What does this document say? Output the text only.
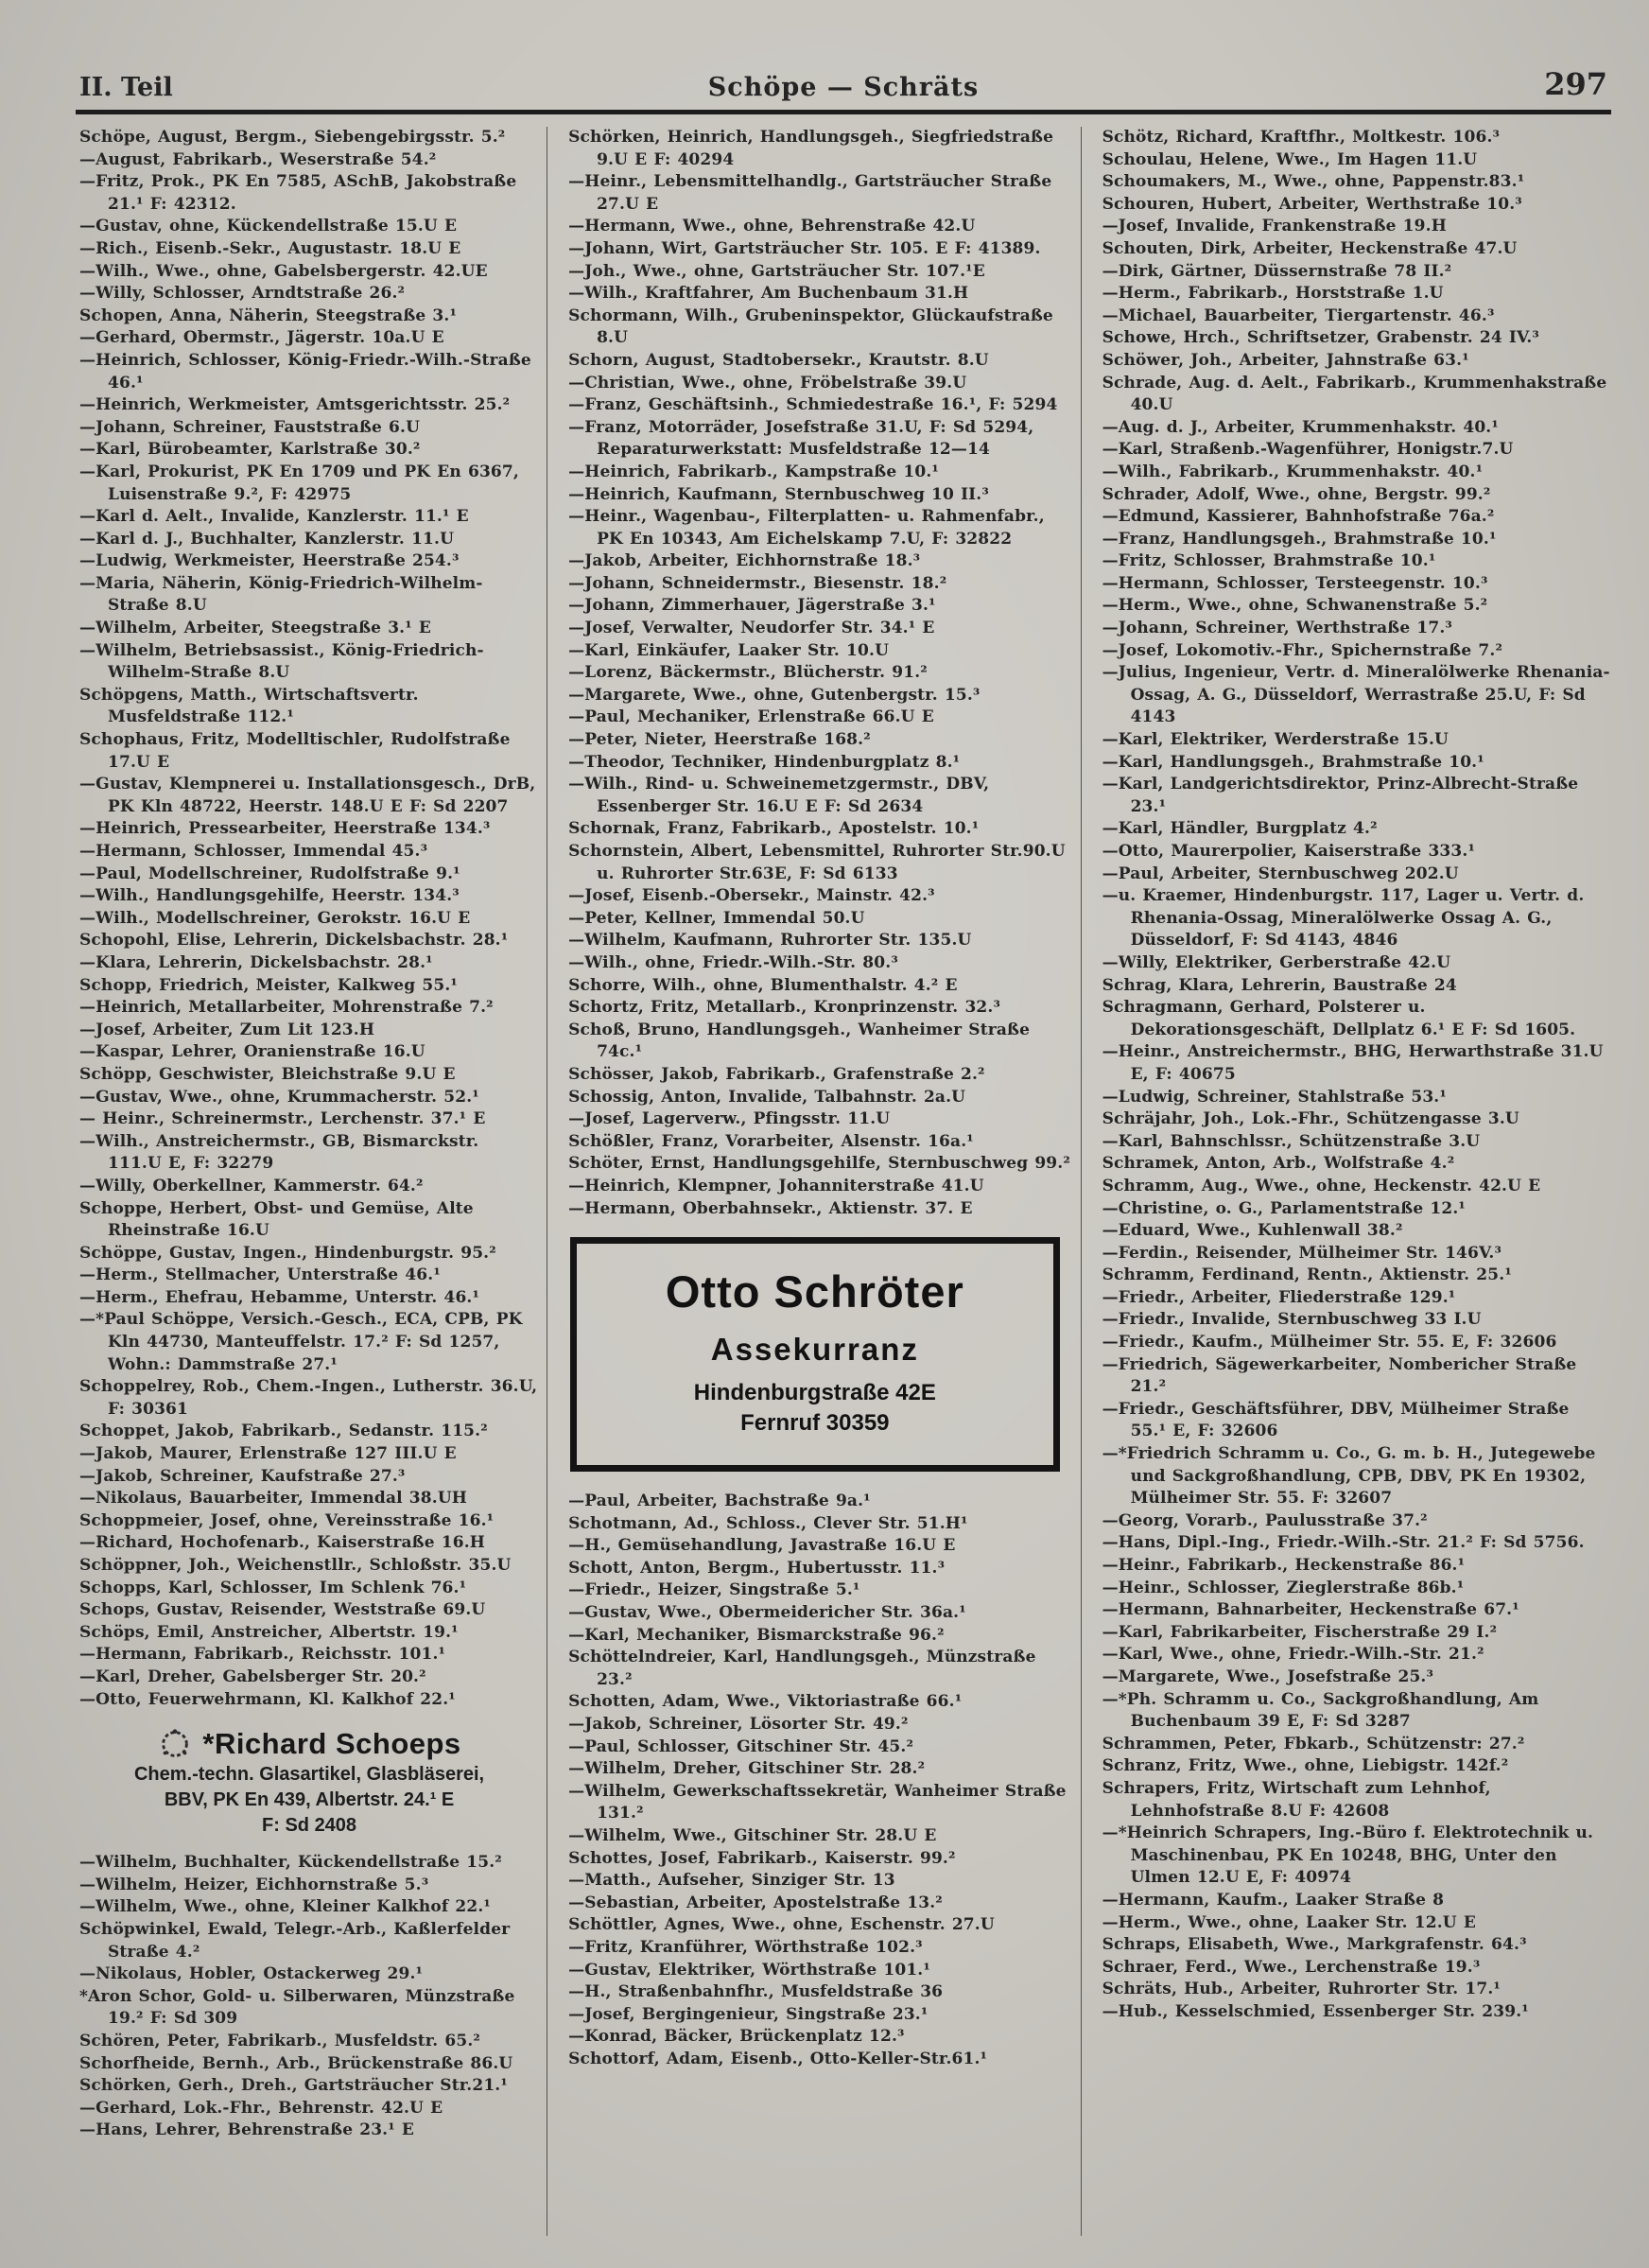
II. Teil	Schöpe — Schräts	297

Schöpe, August, Bergm., Siebengebirgsstr. 5.²

—August, Fabrikarb., Weserstraße 54.²

—Fritz, Prok., PK En 7585, ASchB, Jakobstraße 21.¹ F: 42312.

—Gustav, ohne, Kückendellstraße 15.U E

—Rich., Eisenb.-Sekr., Augustastr. 18.U E

—Wilh., Wwe., ohne, Gabelsbergerstr. 42.UE

—Willy, Schlosser, Arndtstraße 26.²

Schopen, Anna, Näherin, Steegstraße 3.¹

—Gerhard, Obermstr., Jägerstr. 10a.U E

—Heinrich, Schlosser, König-Friedr.-Wilh.-Straße 46.¹

—Heinrich, Werkmeister, Amtsgerichtsstr. 25.²

—Johann, Schreiner, Fauststraße 6.U

—Karl, Bürobeamter, Karlstraße 30.²

—Karl, Prokurist, PK En 1709 und PK En 6367, Luisenstraße 9.², F: 42975

—Karl d. Aelt., Invalide, Kanzlerstr. 11.¹ E

—Karl d. J., Buchhalter, Kanzlerstr. 11.U

—Ludwig, Werkmeister, Heerstraße 254.³

—Maria, Näherin, König-Friedrich-Wilhelm-Straße 8.U

—Wilhelm, Arbeiter, Steegstraße 3.¹ E

—Wilhelm, Betriebsassist., König-Friedrich-Wilhelm-Straße 8.U

Schöpgens, Matth., Wirtschaftsvertr. Musfeldstraße 112.¹

Schophaus, Fritz, Modelltischler, Rudolfstraße 17.U E

—Gustav, Klempnerei u. Installationsgesch., DrB, PK Kln 48722, Heerstr. 148.U E F: Sd 2207

—Heinrich, Pressearbeiter, Heerstraße 134.³

—Hermann, Schlosser, Immendal 45.³

—Paul, Modellschreiner, Rudolfstraße 9.¹

—Wilh., Handlungsgehilfe, Heerstr. 134.³

—Wilh., Modellschreiner, Gerokstr. 16.U E

Schopohl, Elise, Lehrerin, Dickelsbachstr. 28.¹

—Klara, Lehrerin, Dickelsbachstr. 28.¹

Schopp, Friedrich, Meister, Kalkweg 55.¹

—Heinrich, Metallarbeiter, Mohrenstraße 7.²

—Josef, Arbeiter, Zum Lit 123.H

—Kaspar, Lehrer, Oranienstraße 16.U

Schöpp, Geschwister, Bleichstraße 9.U E

—Gustav, Wwe., ohne, Krummacherstr. 52.¹

— Heinr., Schreinermstr., Lerchenstr. 37.¹ E

—Wilh., Anstreichermstr., GB, Bismarckstr. 111.U E, F: 32279

—Willy, Oberkellner, Kammerstr. 64.²

Schoppe, Herbert, Obst- und Gemüse, Alte Rheinstraße 16.U

Schöppe, Gustav, Ingen., Hindenburgstr. 95.²

—Herm., Stellmacher, Unterstraße 46.¹

—Herm., Ehefrau, Hebamme, Unterstr. 46.¹

—*Paul Schöppe, Versich.-Gesch., ECA, CPB, PK Kln 44730, Manteuffelstr. 17.² F: Sd 1257, Wohn.: Dammstraße 27.¹

Schoppelrey, Rob., Chem.-Ingen., Lutherstr. 36.U, F: 30361

Schoppet, Jakob, Fabrikarb., Sedanstr. 115.²

—Jakob, Maurer, Erlenstraße 127 III.U E

—Jakob, Schreiner, Kaufstraße 27.³

—Nikolaus, Bauarbeiter, Immendal 38.UH

Schoppmeier, Josef, ohne, Vereinsstraße 16.¹

—Richard, Hochofenarb., Kaiserstraße 16.H

Schöppner, Joh., Weichenstllr., Schloßstr. 35.U

Schopps, Karl, Schlosser, Im Schlenk 76.¹

Schops, Gustav, Reisender, Weststraße 69.U

Schöps, Emil, Anstreicher, Albertstr. 19.¹

—Hermann, Fabrikarb., Reichsstr. 101.¹

—Karl, Dreher, Gabelsberger Str. 20.²

—Otto, Feuerwehrmann, Kl. Kalkhof 22.¹

*Richard Schoeps
Chem.-techn. Glasartikel, Glasbläserei,
BBV, PK En 439, Albertstr. 24.¹ E
F: Sd 2408

—Wilhelm, Buchhalter, Kückendellstraße 15.²

—Wilhelm, Heizer, Eichhornstraße 5.³

—Wilhelm, Wwe., ohne, Kleiner Kalkhof 22.¹

Schöpwinkel, Ewald, Telegr.-Arb., Kaßlerfelder Straße 4.²

—Nikolaus, Hobler, Ostackerweg 29.¹

*Aron Schor, Gold- u. Silberwaren, Münzstraße 19.² F: Sd 309

Schören, Peter, Fabrikarb., Musfeldstr. 65.²

Schorfheide, Bernh., Arb., Brückenstraße 86.U

Schörken, Gerh., Dreh., Gartsträucher Str.21.¹

—Gerhard, Lok.-Fhr., Behrenstr. 42.U E

—Hans, Lehrer, Behrenstraße 23.¹ E

Schörken, Heinrich, Handlungsgeh., Siegfriedstraße 9.U E F: 40294

—Heinr., Lebensmittelhandlg., Gartsträucher Straße 27.U E

—Hermann, Wwe., ohne, Behrenstraße 42.U

—Johann, Wirt, Gartsträucher Str. 105. E F: 41389.

—Joh., Wwe., ohne, Gartsträucher Str. 107.¹E

—Wilh., Kraftfahrer, Am Buchenbaum 31.H

Schormann, Wilh., Grubeninspektor, Glückaufstraße 8.U

Schorn, August, Stadtobersekr., Krautstr. 8.U

—Christian, Wwe., ohne, Fröbelstraße 39.U

—Franz, Geschäftsinh., Schmiedestraße 16.¹, F: 5294

—Franz, Motorräder, Josefstraße 31.U, F: Sd 5294, Reparaturwerkstatt: Musfeldstraße 12—14

—Heinrich, Fabrikarb., Kampstraße 10.¹

—Heinrich, Kaufmann, Sternbuschweg 10 II.³

—Heinr., Wagenbau-, Filterplatten- u. Rahmenfabr., PK En 10343, Am Eichelskamp 7.U, F: 32822

—Jakob, Arbeiter, Eichhornstraße 18.³

—Johann, Schneidermstr., Biesenstr. 18.²

—Johann, Zimmerhauer, Jägerstraße 3.¹

—Josef, Verwalter, Neudorfer Str. 34.¹ E

—Karl, Einkäufer, Laaker Str. 10.U

—Lorenz, Bäckermstr., Blücherstr. 91.²

—Margarete, Wwe., ohne, Gutenbergstr. 15.³

—Paul, Mechaniker, Erlenstraße 66.U E

—Peter, Nieter, Heerstraße 168.²

—Theodor, Techniker, Hindenburgplatz 8.¹

—Wilh., Rind- u. Schweinemetzgermstr., DBV, Essenberger Str. 16.U E F: Sd 2634

Schornak, Franz, Fabrikarb., Apostelstr. 10.¹

Schornstein, Albert, Lebensmittel, Ruhrorter Str.90.U u. Ruhrorter Str.63E, F: Sd 6133

—Josef, Eisenb.-Obersekr., Mainstr. 42.³

—Peter, Kellner, Immendal 50.U

—Wilhelm, Kaufmann, Ruhrorter Str. 135.U

—Wilh., ohne, Friedr.-Wilh.-Str. 80.³

Schorre, Wilh., ohne, Blumenthalstr. 4.² E

Schortz, Fritz, Metallarb., Kronprinzenstr. 32.³

Schoß, Bruno, Handlungsgeh., Wanheimer Straße 74c.¹

Schösser, Jakob, Fabrikarb., Grafenstraße 2.²

Schossig, Anton, Invalide, Talbahnstr. 2a.U

—Josef, Lagerverw., Pfingsstr. 11.U

Schößler, Franz, Vorarbeiter, Alsenstr. 16a.¹

Schöter, Ernst, Handlungsgehilfe, Sternbuschweg 99.²

—Heinrich, Klempner, Johanniterstraße 41.U

—Hermann, Oberbahnsekr., Aktienstr. 37. E

Otto Schröter
Assekurranz
Hindenburgstraße 42E
Fernruf 30359

—Paul, Arbeiter, Bachstraße 9a.¹

Schotmann, Ad., Schloss., Clever Str. 51.H¹

—H., Gemüsehandlung, Javastraße 16.U E

Schott, Anton, Bergm., Hubertusstr. 11.³

—Friedr., Heizer, Singstraße 5.¹

—Gustav, Wwe., Obermeidericher Str. 36a.¹

—Karl, Mechaniker, Bismarckstraße 96.²

Schöttelndreier, Karl, Handlungsgeh., Münzstraße 23.²

Schotten, Adam, Wwe., Viktoriastraße 66.¹

—Jakob, Schreiner, Lösorter Str. 49.²

—Paul, Schlosser, Gitschiner Str. 45.²

—Wilhelm, Dreher, Gitschiner Str. 28.²

—Wilhelm, Gewerkschaftssekretär, Wanheimer Straße 131.²

—Wilhelm, Wwe., Gitschiner Str. 28.U E

Schottes, Josef, Fabrikarb., Kaiserstr. 99.²

—Matth., Aufseher, Sinziger Str. 13

—Sebastian, Arbeiter, Apostelstraße 13.²

Schöttler, Agnes, Wwe., ohne, Eschenstr. 27.U

—Fritz, Kranführer, Wörthstraße 102.³

—Gustav, Elektriker, Wörthstraße 101.¹

—H., Straßenbahnfhr., Musfeldstraße 36

—Josef, Bergingenieur, Singstraße 23.¹

—Konrad, Bäcker, Brückenplatz 12.³

Schottorf, Adam, Eisenb., Otto-Keller-Str.61.¹

Schötz, Richard, Kraftfhr., Moltkestr. 106.³

Schoulau, Helene, Wwe., Im Hagen 11.U

Schoumakers, M., Wwe., ohne, Pappenstr.83.¹

Schouren, Hubert, Arbeiter, Werthstraße 10.³

—Josef, Invalide, Frankenstraße 19.H

Schouten, Dirk, Arbeiter, Heckenstraße 47.U

—Dirk, Gärtner, Düssernstraße 78 II.²

—Herm., Fabrikarb., Horststraße 1.U

—Michael, Bauarbeiter, Tiergartenstr. 46.³

Schowe, Hrch., Schriftsetzer, Grabenstr. 24 IV.³

Schöwer, Joh., Arbeiter, Jahnstraße 63.¹

Schrade, Aug. d. Aelt., Fabrikarb., Krummenhakstraße 40.U

—Aug. d. J., Arbeiter, Krummenhakstr. 40.¹

—Karl, Straßenb.-Wagenführer, Honigstr.7.U

—Wilh., Fabrikarb., Krummenhakstr. 40.¹

Schrader, Adolf, Wwe., ohne, Bergstr. 99.²

—Edmund, Kassierer, Bahnhofstraße 76a.²

—Franz, Handlungsgeh., Brahmstraße 10.¹

—Fritz, Schlosser, Brahmstraße 10.¹

—Hermann, Schlosser, Tersteegenstr. 10.³

—Herm., Wwe., ohne, Schwanenstraße 5.²

—Johann, Schreiner, Werthstraße 17.³

—Josef, Lokomotiv.-Fhr., Spichernstraße 7.²

—Julius, Ingenieur, Vertr. d. Mineralölwerke Rhenania-Ossag, A. G., Düsseldorf, Werrastraße 25.U, F: Sd 4143

—Karl, Elektriker, Werderstraße 15.U

—Karl, Handlungsgeh., Brahmstraße 10.¹

—Karl, Landgerichtsdirektor, Prinz-Albrecht-Straße 23.¹

—Karl, Händler, Burgplatz 4.²

—Otto, Maurerpolier, Kaiserstraße 333.¹

—Paul, Arbeiter, Sternbuschweg 202.U

—u. Kraemer, Hindenburgstr. 117, Lager u. Vertr. d. Rhenania-Ossag, Mineralölwerke Ossag A. G., Düsseldorf, F: Sd 4143, 4846

—Willy, Elektriker, Gerberstraße 42.U

Schrag, Klara, Lehrerin, Baustraße 24

Schragmann, Gerhard, Polsterer u. Dekorationsgeschäft, Dellplatz 6.¹ E F: Sd 1605.

—Heinr., Anstreichermstr., BHG, Herwarthstraße 31.U E, F: 40675

—Ludwig, Schreiner, Stahlstraße 53.¹

Schräjahr, Joh., Lok.-Fhr., Schützengasse 3.U

—Karl, Bahnschlssr., Schützenstraße 3.U

Schramek, Anton, Arb., Wolfstraße 4.²

Schramm, Aug., Wwe., ohne, Heckenstr. 42.U E

—Christine, o. G., Parlamentstraße 12.¹

—Eduard, Wwe., Kuhlenwall 38.²

—Ferdin., Reisender, Mülheimer Str. 146V.³

Schramm, Ferdinand, Rentn., Aktienstr. 25.¹

—Friedr., Arbeiter, Fliederstraße 129.¹

—Friedr., Invalide, Sternbuschweg 33 I.U

—Friedr., Kaufm., Mülheimer Str. 55. E, F: 32606

—Friedrich, Sägewerkarbeiter, Nombericher Straße 21.²

—Friedr., Geschäftsführer, DBV, Mülheimer Straße 55.¹ E, F: 32606

—*Friedrich Schramm u. Co., G. m. b. H., Jutegewebe und Sackgroßhandlung, CPB, DBV, PK En 19302, Mülheimer Str. 55. F: 32607

—Georg, Vorarb., Paulusstraße 37.²

—Hans, Dipl.-Ing., Friedr.-Wilh.-Str. 21.² F: Sd 5756.

—Heinr., Fabrikarb., Heckenstraße 86.¹

—Heinr., Schlosser, Zieglerstraße 86b.¹

—Hermann, Bahnarbeiter, Heckenstraße 67.¹

—Karl, Fabrikarbeiter, Fischerstraße 29 I.²

—Karl, Wwe., ohne, Friedr.-Wilh.-Str. 21.²

—Margarete, Wwe., Josefstraße 25.³

—*Ph. Schramm u. Co., Sackgroßhandlung, Am Buchenbaum 39 E, F: Sd 3287

Schrammen, Peter, Fbkarb., Schützenstr: 27.²

Schranz, Fritz, Wwe., ohne, Liebigstr. 142f.²

Schrapers, Fritz, Wirtschaft zum Lehnhof, Lehnhofstraße 8.U F: 42608

—*Heinrich Schrapers, Ing.-Büro f. Elektrotechnik u. Maschinenbau, PK En 10248, BHG, Unter den Ulmen 12.U E, F: 40974

—Hermann, Kaufm., Laaker Straße 8

—Herm., Wwe., ohne, Laaker Str. 12.U E

Schraps, Elisabeth, Wwe., Markgrafenstr. 64.³

Schraer, Ferd., Wwe., Lerchenstraße 19.³

Schräts, Hub., Arbeiter, Ruhrorter Str. 17.¹

—Hub., Kesselschmied, Essenberger Str. 239.¹
